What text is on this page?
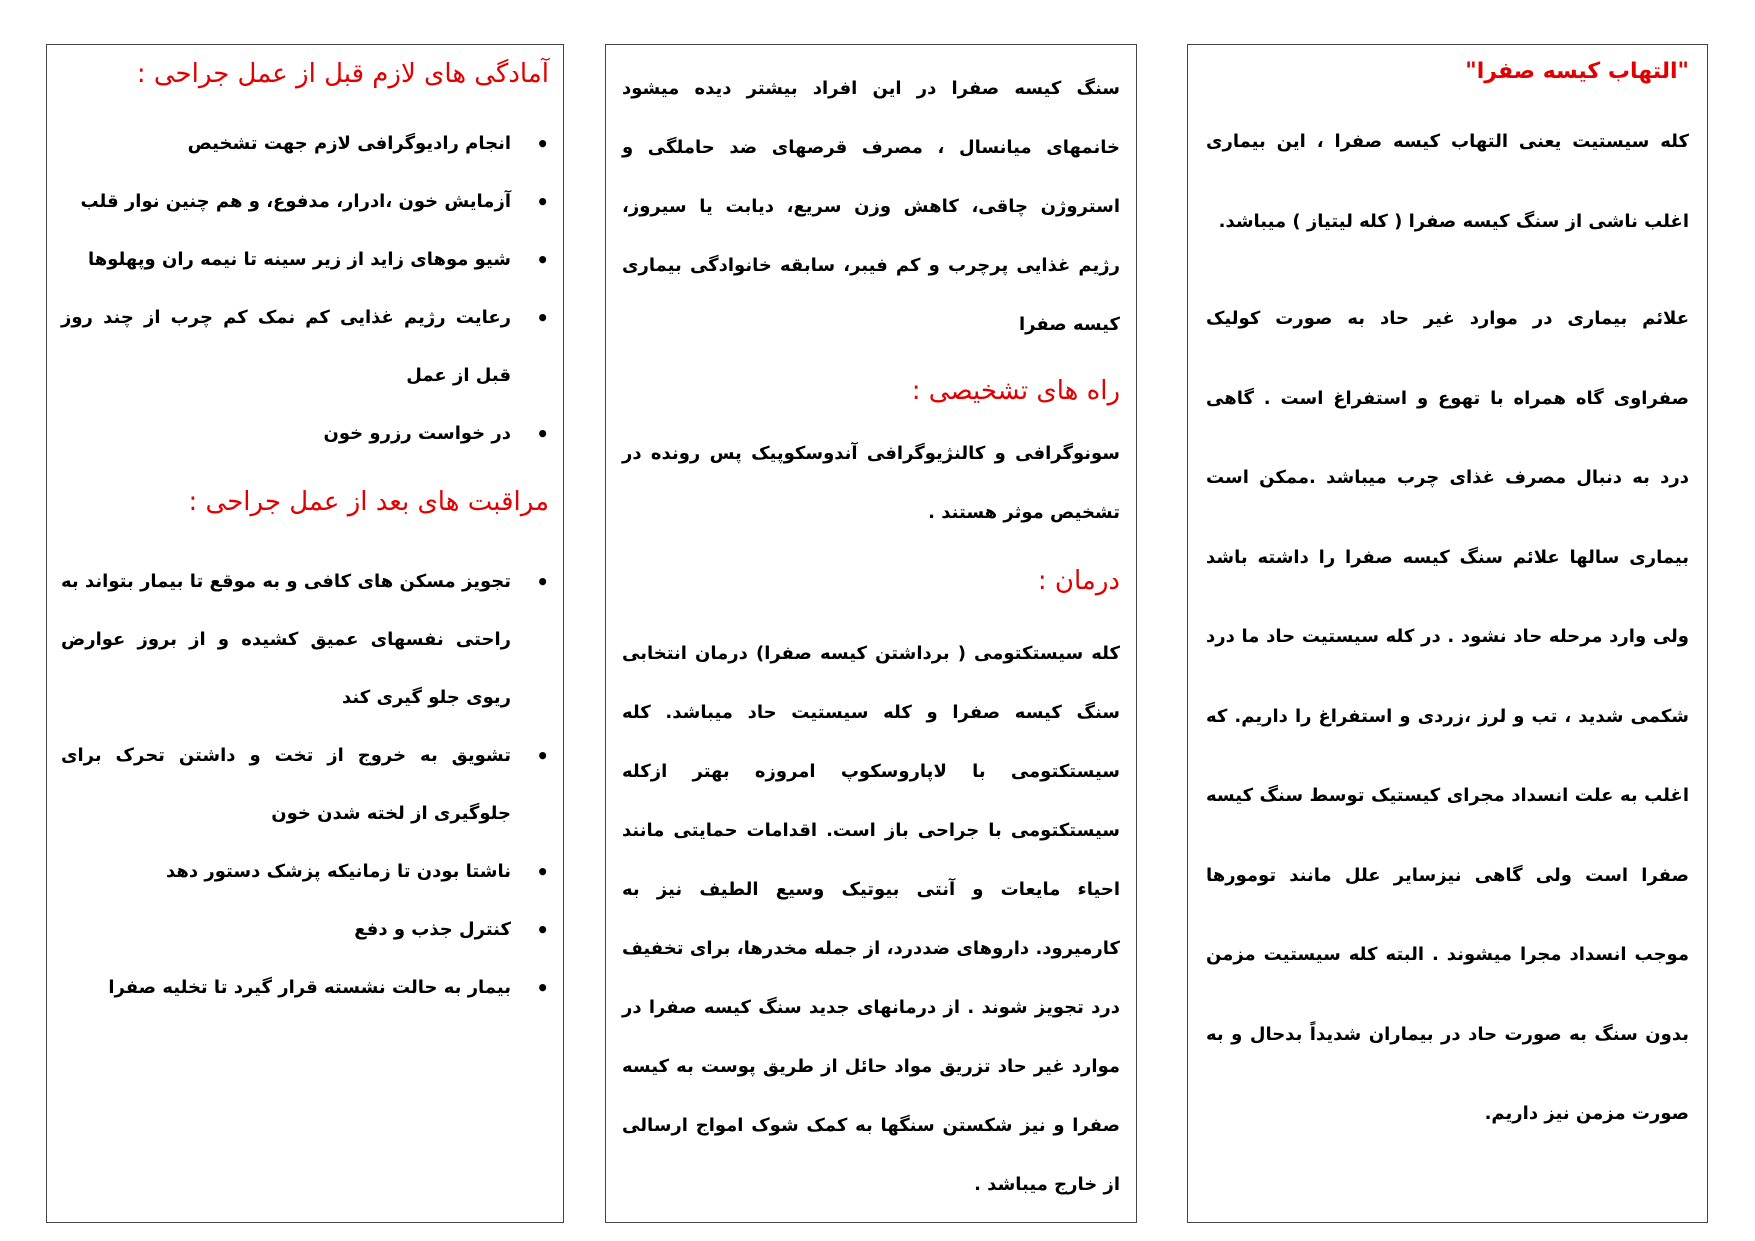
"التهاب کیسه صفرا"

کله سیستیت یعنی التهاب کیسه صفرا ، این بیماری اغلب ناشی از سنگ کیسه صفرا ( کله لیتیاز ) میباشد.

علائم بیماری در موارد غیر حاد به صورت کولیک صفراوی گاه همراه با تهوع و استفراغ است . گاهی درد به دنبال مصرف غذای چرب میباشد .ممکن است بیماری سالها علائم سنگ کیسه صفرا را داشته باشد ولی وارد مرحله حاد نشود . در کله سیستیت حاد ما درد شکمی شدید ، تب و لرز ،زردی و استفراغ را داریم. که اغلب به علت انسداد مجرای کیستیک توسط سنگ کیسه صفرا است ولی گاهی نیزسایر علل مانند تومورها موجب انسداد مجرا میشوند . البته کله سیستیت مزمن بدون سنگ به صورت حاد در بیماران شدیداً بدحال و به صورت مزمن نیز داریم.

سنگ کیسه صفرا در این افراد بیشتر دیده میشود خانمهای میانسال ، مصرف قرصهای ضد حاملگی و استروژن چاقی، کاهش وزن سریع، دیابت یا سیروز، رژیم غذایی پرچرب و کم فیبر، سابقه خانوادگی بیماری کیسه صفرا

راه های تشخیصی :

سونوگرافی و کالنژیوگرافی آندوسکوپیک پس رونده در تشخیص موثر هستند .

درمان :

کله سیستکتومی ( برداشتن کیسه صفرا) درمان انتخابی سنگ کیسه صفرا و کله سیستیت حاد میباشد. کله سیستکتومی با لاپاروسکوپ امروزه بهتر ازکله سیستکتومی با جراحی باز است. اقدامات حمایتی مانند احیاء مایعات و آنتی بیوتیک وسیع الطیف نیز به کارمیرود. داروهای ضددرد، از جمله مخدرها، برای تخفیف درد تجویز شوند . از درمانهای جدید سنگ کیسه صفرا در موارد غیر حاد تزریق مواد حائل از طریق پوست به کیسه صفرا و نیز شکستن سنگها به کمک شوک امواج ارسالی از خارج میباشد .

آمادگی های لازم قبل از عمل جراحی :
• انجام رادیوگرافی لازم جهت تشخیص
• آزمایش خون ،ادرار، مدفوع، و هم چنین نوار قلب
• شیو موهای زاید از زیر سینه تا نیمه ران وپهلوها
• رعایت رژیم غذایی کم نمک کم چرب از چند روز قبل از عمل
• در خواست رزرو خون
مراقبت های بعد از عمل جراحی :
• تجویز مسکن های کافی و به موقع تا بیمار بتواند به راحتی نفسهای عمیق کشیده و از بروز عوارض ریوی جلو گیری کند
• تشویق به خروج از تخت و داشتن تحرک برای جلوگیری از لخته شدن خون
• ناشتا بودن تا زمانیکه پزشک دستور دهد
• کنترل جذب و دفع
• بیمار به حالت نشسته قرار گیرد تا تخلیه صفرا
